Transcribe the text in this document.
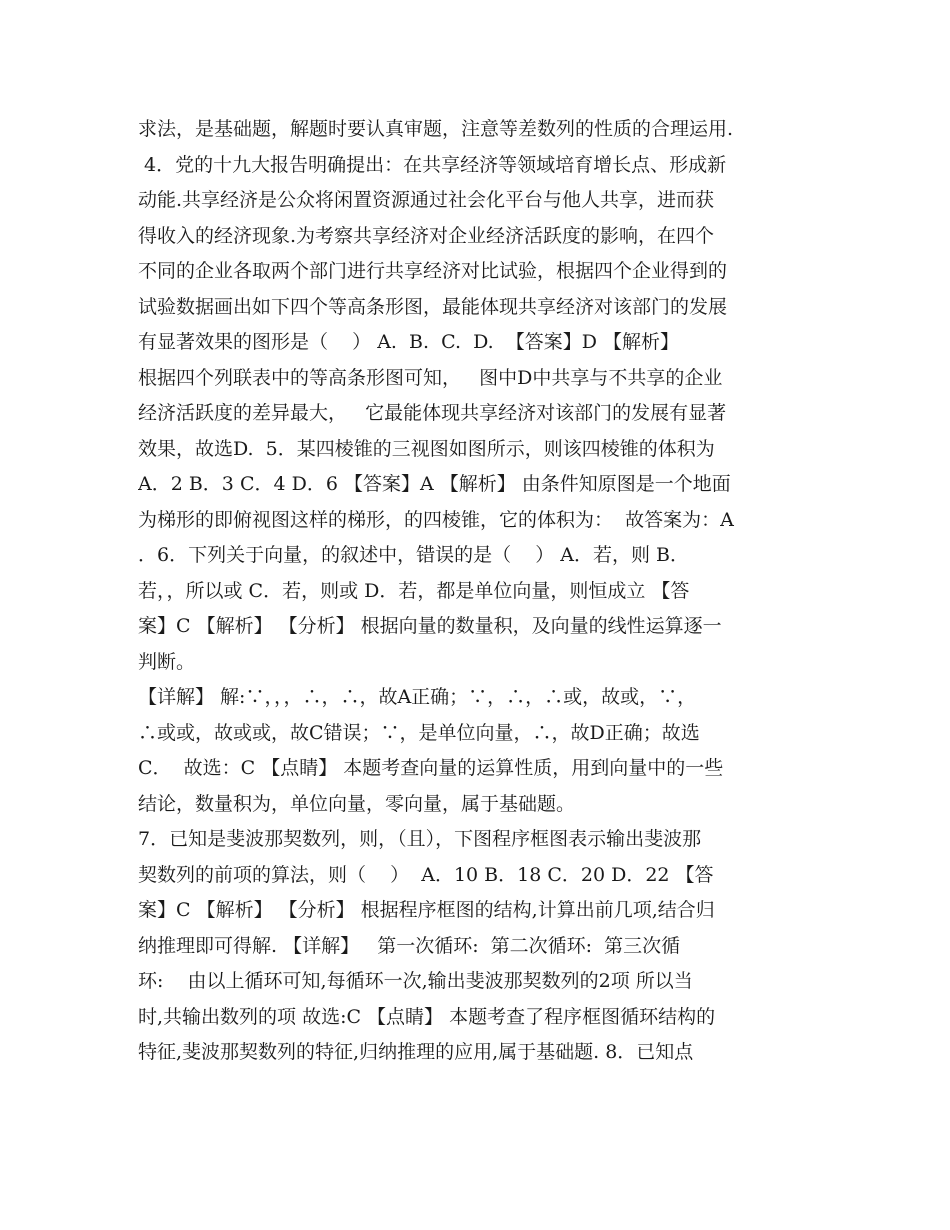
求法，是基础题，解题时要认真审题，注意等差数列的性质的合理运用.
4．党的十九大报告明确提出：在共享经济等领域培育增长点、形成新
动能.共享经济是公众将闲置资源通过社会化平台与他人共享，进而获
得收入的经济现象.为考察共享经济对企业经济活跃度的影响，在四个
不同的企业各取两个部门进行共享经济对比试验，根据四个企业得到的
试验数据画出如下四个等高条形图，最能体现共享经济对该部门的发展
有显著效果的图形是（    ） A.  B.  C.  D.  【答案】D 【解析】
根据四个列联表中的等高条形图可知，   图中D中共享与不共享的企业
经济活跃度的差异最大，   它最能体现共享经济对该部门的发展有显著
效果，故选D.  5．某四棱锥的三视图如图所示，则该四棱锥的体积为
A．2 B．3 C．4 D．6 【答案】A 【解析】 由条件知原图是一个地面
为梯形的即俯视图这样的梯形，的四棱锥，它的体积为：  故答案为：A
．6．下列关于向量，的叙述中，错误的是（    ） A．若，则 B．
若，，所以或 C．若，则或 D．若，都是单位向量，则恒成立 【答
案】C 【解析】 【分析】 根据向量的数量积，及向量的线性运算逐一
判断。
【详解】 解:∵，，，∴，∴，故A正确；∵，∴，∴或，故或，∵，
∴或或，故或或，故C错误；∵，是单位向量，∴，故D正确；故选
C．  故选：C 【点睛】 本题考查向量的运算性质，用到向量中的一些
结论，数量积为，单位向量，零向量，属于基础题。
7．已知是斐波那契数列，则，（且），下图程序框图表示输出斐波那
契数列的前项的算法，则（    ）  A．10 B．18 C．20 D．22 【答
案】C 【解析】 【分析】 根据程序框图的结构,计算出前几项,结合归
纳推理即可得解. 【详解】   第一次循环:  第二次循环:  第三次循
环:    由以上循环可知,每循环一次,输出斐波那契数列的2项 所以当
时,共输出数列的项 故选:C 【点睛】 本题考查了程序框图循环结构的
特征,斐波那契数列的特征,归纳推理的应用,属于基础题. 8．已知点
